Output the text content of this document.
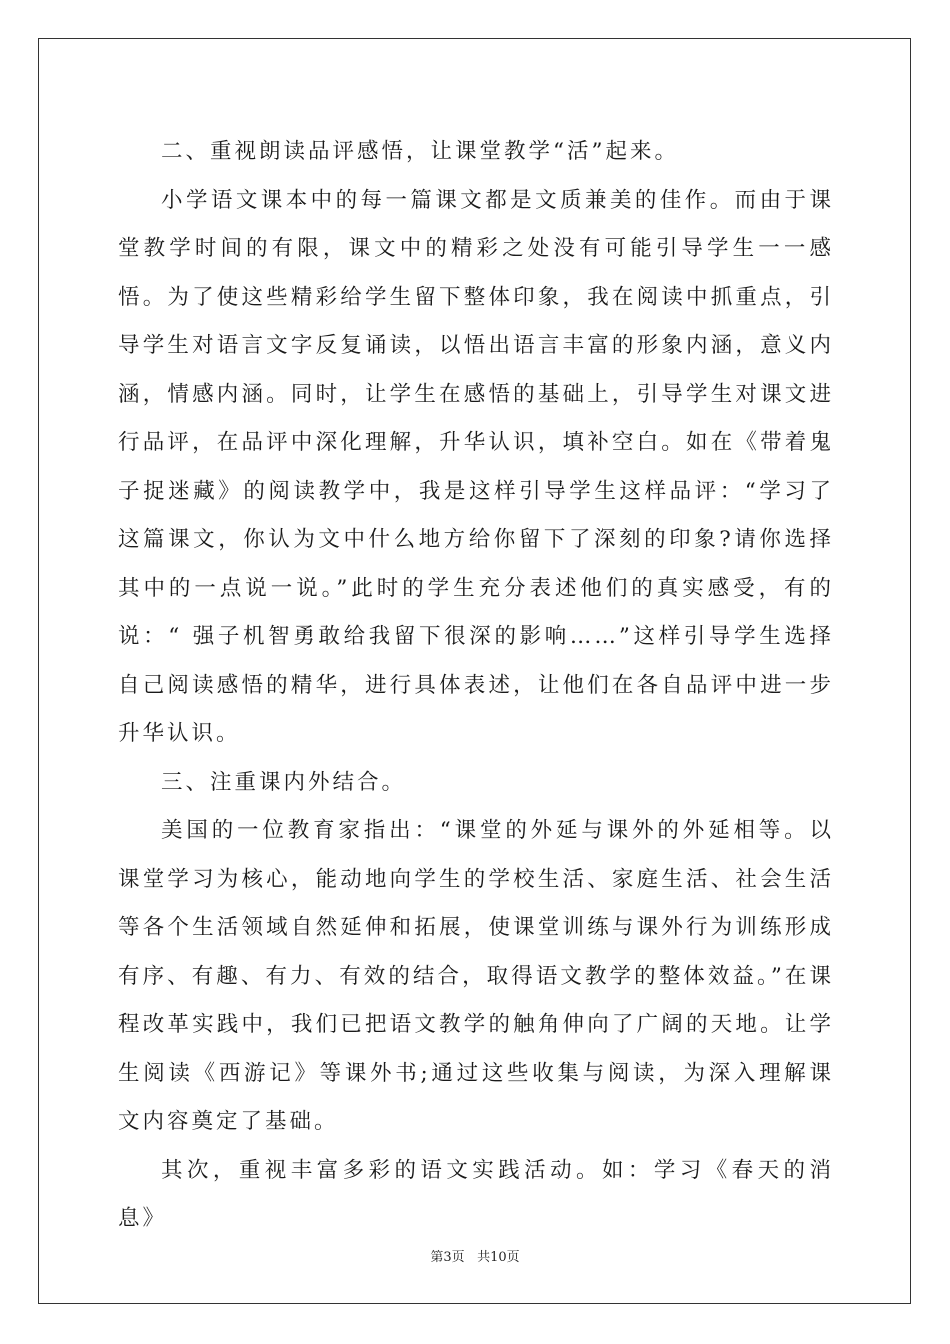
二、重视朗读品评感悟，让课堂教学“活”起来。

小学语文课本中的每一篇课文都是文质兼美的佳作。而由于课堂教学时间的有限，课文中的精彩之处没有可能引导学生一一感悟。为了使这些精彩给学生留下整体印象，我在阅读中抓重点，引导学生对语言文字反复诵读，以悟出语言丰富的形象内涵，意义内涵，情感内涵。同时，让学生在感悟的基础上，引导学生对课文进行品评，在品评中深化理解，升华认识，填补空白。如在《带着鬼子捉迷藏》的阅读教学中，我是这样引导学生这样品评：“学习了这篇课文，你认为文中什么地方给你留下了深刻的印象?请你选择其中的一点说一说。”此时的学生充分表述他们的真实感受，有的说：“ 强子机智勇敢给我留下很深的影响……”这样引导学生选择自己阅读感悟的精华，进行具体表述，让他们在各自品评中进一步升华认识。

三、注重课内外结合。

美国的一位教育家指出：“课堂的外延与课外的外延相等。以课堂学习为核心，能动地向学生的学校生活、家庭生活、社会生活等各个生活领域自然延伸和拓展，使课堂训练与课外行为训练形成有序、有趣、有力、有效的结合，取得语文教学的整体效益。”在课程改革实践中，我们已把语文教学的触角伸向了广阔的天地。让学生阅读《西游记》等课外书;通过这些收集与阅读，为深入理解课文内容奠定了基础。

其次，重视丰富多彩的语文实践活动。如：学习《春天的消息》

第3页 共10页
